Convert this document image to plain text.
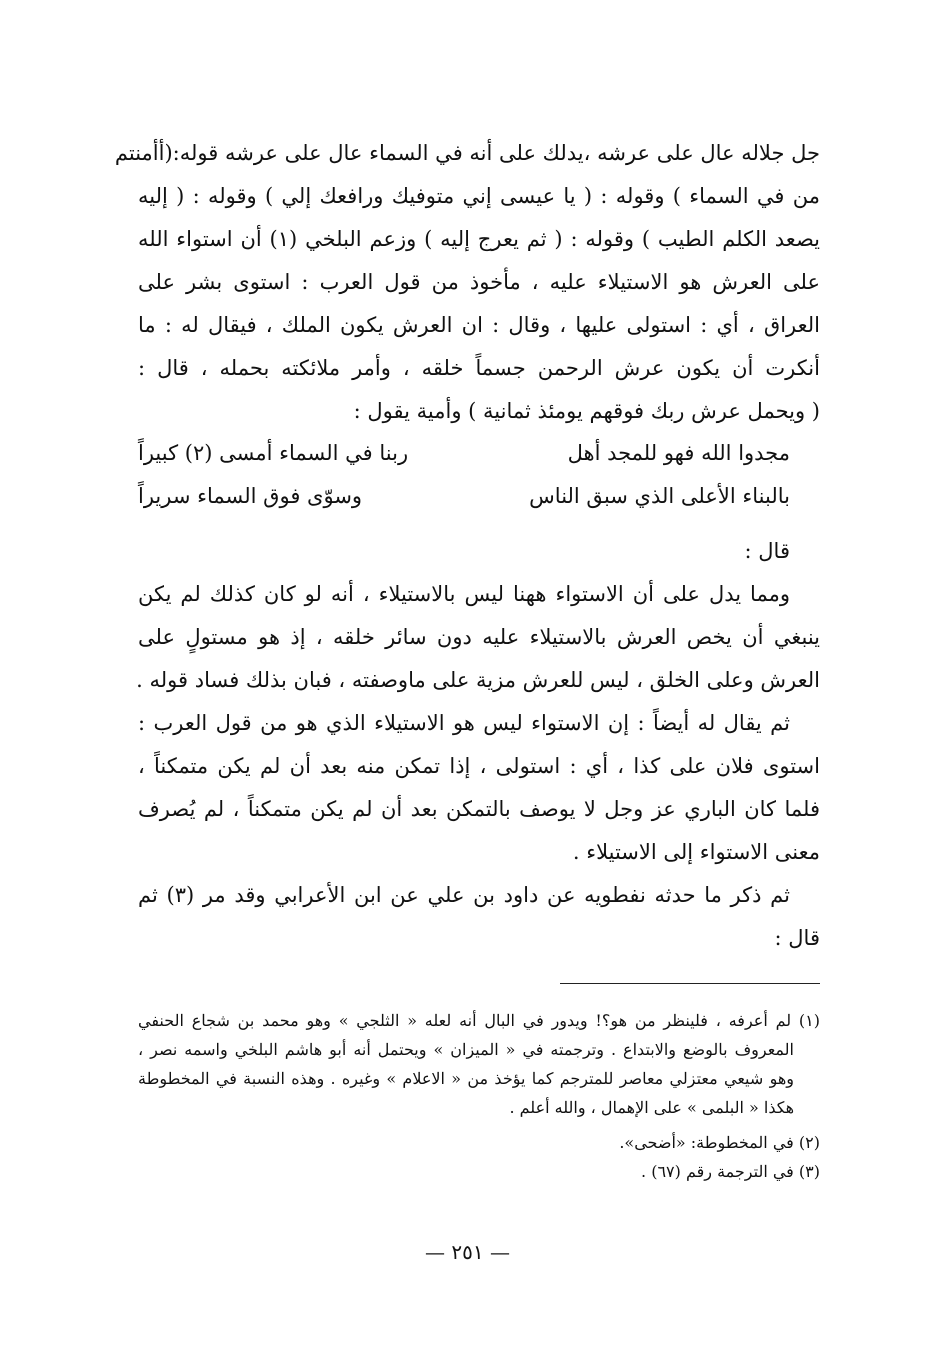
جل جلاله عال على عرشه ،يدلك على أنه في السماء عال على عرشه قوله:(أأمنتم
من في السماء ) وقوله : ( يا عيسى إني متوفيك ورافعك إلي ) وقوله : ( إليه
يصعد الكلم الطيب ) وقوله : ( ثم يعرج إليه ) وزعم البلخي (١) أن استواء الله
على العرش هو الاستيلاء عليه ، مأخوذ من قول العرب : استوى بشر على
العراق ، أي : استولى عليها ، وقال : ان العرش يكون الملك ، فيقال له : ما
أنكرت أن يكون عرش الرحمن جسماً خلقه ، وأمر ملائكته بحمله ، قال :
( ويحمل عرش ربك فوقهم يومئذ ثمانية ) وأمية يقول :
مجدوا الله فهو للمجد أهل
ربنا في السماء أمسى (٢) كبيراً
بالبناء الأعلى الذي سبق الناس
وسوّى فوق السماء سريراً
قال :
ومما يدل على أن الاستواء ههنا ليس بالاستيلاء ، أنه لو كان كذلك لم يكن
ينبغي أن يخص العرش بالاستيلاء عليه دون سائر خلقه ، إذ هو مستولٍ على
العرش وعلى الخلق ، ليس للعرش مزية على ماوصفته ، فبان بذلك فساد قوله .
ثم يقال له أيضاً : إن الاستواء ليس هو الاستيلاء الذي هو من قول العرب :
استوى فلان على كذا ، أي : استولى ، إذا تمكن منه بعد أن لم يكن متمكناً ،
فلما كان الباري عز وجل لا يوصف بالتمكن بعد أن لم يكن متمكناً ، لم يُصرف
معنى الاستواء إلى الاستيلاء .
ثم ذكر ما حدثه نفطويه عن داود بن علي عن ابن الأعرابي وقد مر (٣) ثم
قال :
(١) لم أعرفه ، فلينظر من هو؟! ويدور في البال أنه لعله « الثلجي » وهو محمد بن شجاع الحنفي
المعروف بالوضع والابتداع . وترجمته في « الميزان » ويحتمل أنه أبو هاشم البلخي واسمه نصر ،
وهو شيعي معتزلي معاصر للمترجم كما يؤخذ من « الاعلام » وغيره . وهذه النسبة في المخطوطة
هكذا « البلمى » على الإهمال ، والله أعلم .
(٢) في المخطوطة: «أضحى».
(٣) في الترجمة رقم (٦٧) .
— ٢٥١ —
